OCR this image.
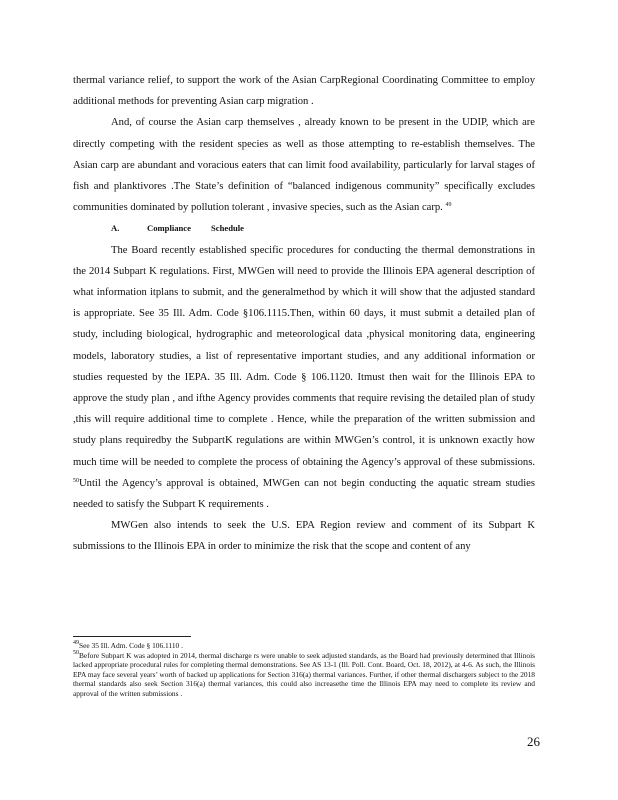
thermal variance relief, to support the work of the Asian CarpRegional Coordinating Committee to employ additional methods for preventing Asian carp migration .

And, of course the Asian carp themselves , already known to be present in the UDIP, which are directly competing with the resident species as well as those attempting to re-establish themselves. The Asian carp are abundant and voracious eaters that can limit food availability, particularly for larval stages of fish and planktivores .The State’s definition of “balanced indigenous community” specifically excludes communities dominated by pollution tolerant , invasive species, such as the Asian carp. $^{49}$

A.	Compliance Schedule

The Board recently established specific procedures for conducting the thermal demonstrations in the 2014 Subpart K regulations. First, MWGen will need to provide the Illinois EPA ageneral description of what information itplans to submit, and the generalmethod by which it will show that the adjusted standard is appropriate. See 35 Ill. Adm. Code §106.1115.Then, within 60 days, it must submit a detailed plan of study, including biological, hydrographic and meteorological data ,physical monitoring data, engineering models, laboratory studies, a list of representative important studies, and any additional information or studies requested by the IEPA. 35 Ill. Adm. Code § 106.1120. Itmust then wait for the Illinois EPA to approve the study plan , and ifthe Agency provides comments that require revising the detailed plan of study ,this will require additional time to complete . Hence, while the preparation of the written submission and study plans requiredby the SubpartK regulations are within MWGen’s control, it is unknown exactly how much time will be needed to complete the process of obtaining the Agency’s approval of these submissions. $^{50}$Until the Agency’s approval is obtained, MWGen can not begin conducting the aquatic stream studies needed to satisfy the Subpart K requirements .

MWGen also intends to seek the U.S. EPA Region review and comment of its Subpart K submissions to the Illinois EPA in order to minimize the risk that the scope and content of any

$^{49}$See 35 Ill. Adm. Code § 106.1110 .

$^{50}$Before Subpart K was adopted in 2014, thermal discharge rs were unable to seek adjusted standards, as the Board had previously determined that Illinois lacked appropriate procedural rules for completing thermal demonstrations. See AS 13-1 (Ill. Poll. Cont. Board, Oct. 18, 2012), at 4-6. As such, the Illinois EPA may face several years’ worth of backed up applications for Section 316(a) thermal variances. Further, if other thermal dischargers subject to the 2018 thermal standards also seek Section 316(a) thermal variances, this could also increasethe time the Illinois EPA may need to complete its review and approval of the written submissions .

26
